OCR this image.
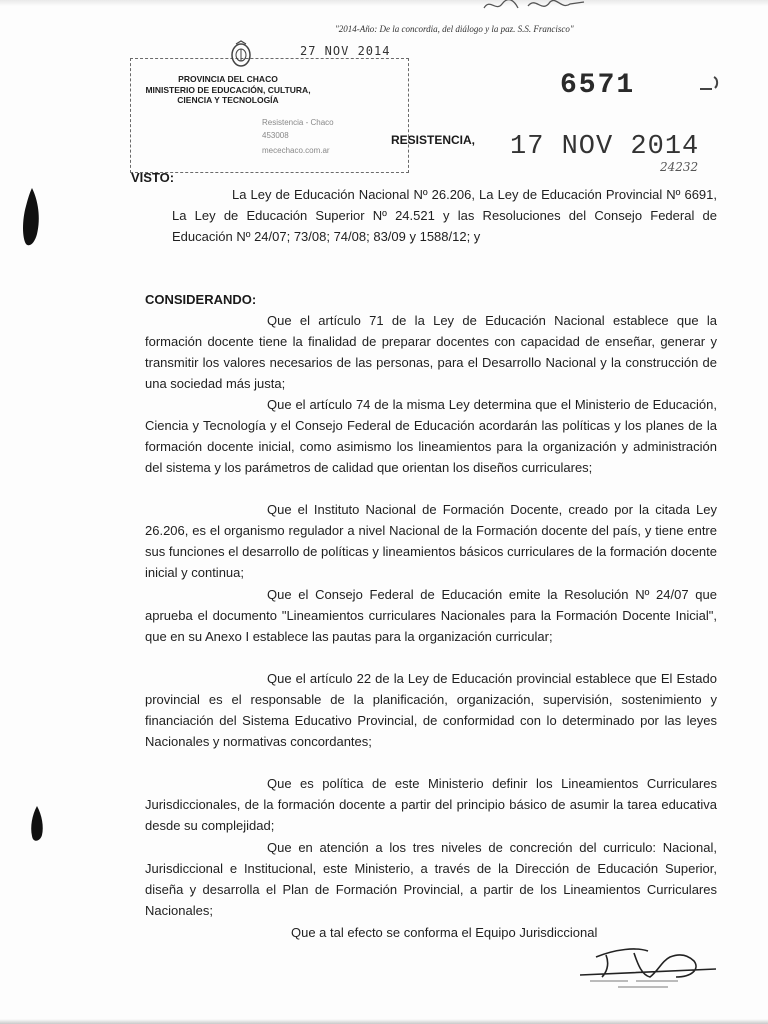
"2014-Año: De la concordia, del diálogo y la paz. S.S. Francisco"
27 NOV 2014
PROVINCIA DEL CHACO
MINISTERIO DE EDUCACIÓN, CULTURA,
CIENCIA Y TECNOLOGÍA
Resistencia - Chaco
453008
mecechaco.com.ar
6571
RESISTENCIA, 17 NOV 2014
24232
VISTO:
La Ley de Educación Nacional Nº 26.206, La Ley de Educación Provincial Nº 6691, La Ley de Educación Superior Nº 24.521 y las Resoluciones del Consejo Federal de Educación Nº 24/07; 73/08; 74/08; 83/09 y 1588/12; y
CONSIDERANDO:
Que el artículo 71 de la Ley de Educación Nacional establece que la formación docente tiene la finalidad de preparar docentes con capacidad de enseñar, generar y transmitir los valores necesarios de las personas, para el Desarrollo Nacional y la construcción de una sociedad más justa;
Que el artículo 74 de la misma Ley determina que el Ministerio de Educación, Ciencia y Tecnología y el Consejo Federal de Educación acordarán las políticas y los planes de la formación docente inicial, como asimismo los lineamientos para la organización y administración del sistema y los parámetros de calidad que orientan los diseños curriculares;
Que el Instituto Nacional de Formación Docente, creado por la citada Ley 26.206, es el organismo regulador a nivel Nacional de la Formación docente del país, y tiene entre sus funciones el desarrollo de políticas y lineamientos básicos curriculares de la formación docente inicial y continua;
Que el Consejo Federal de Educación emite la Resolución Nº 24/07 que aprueba el documento "Lineamientos curriculares Nacionales para la Formación Docente Inicial", que en su Anexo I establece las pautas para la organización curricular;
Que el artículo 22 de la Ley de Educación provincial establece que El Estado provincial es el responsable de la planificación, organización, supervisión, sostenimiento y financiación del Sistema Educativo Provincial, de conformidad con lo determinado por las leyes Nacionales y normativas concordantes;
Que es política de este Ministerio definir los Lineamientos Curriculares Jurisdiccionales, de la formación docente a partir del principio básico de asumir la tarea educativa desde su complejidad;
Que en atención a los tres niveles de concreción del curriculo: Nacional, Jurisdiccional e Institucional, este Ministerio, a través de la Dirección de Educación Superior, diseña y desarrolla el Plan de Formación Provincial, a partir de los Lineamientos Curriculares Nacionales;
Que a tal efecto se conforma el Equipo Jurisdiccional
